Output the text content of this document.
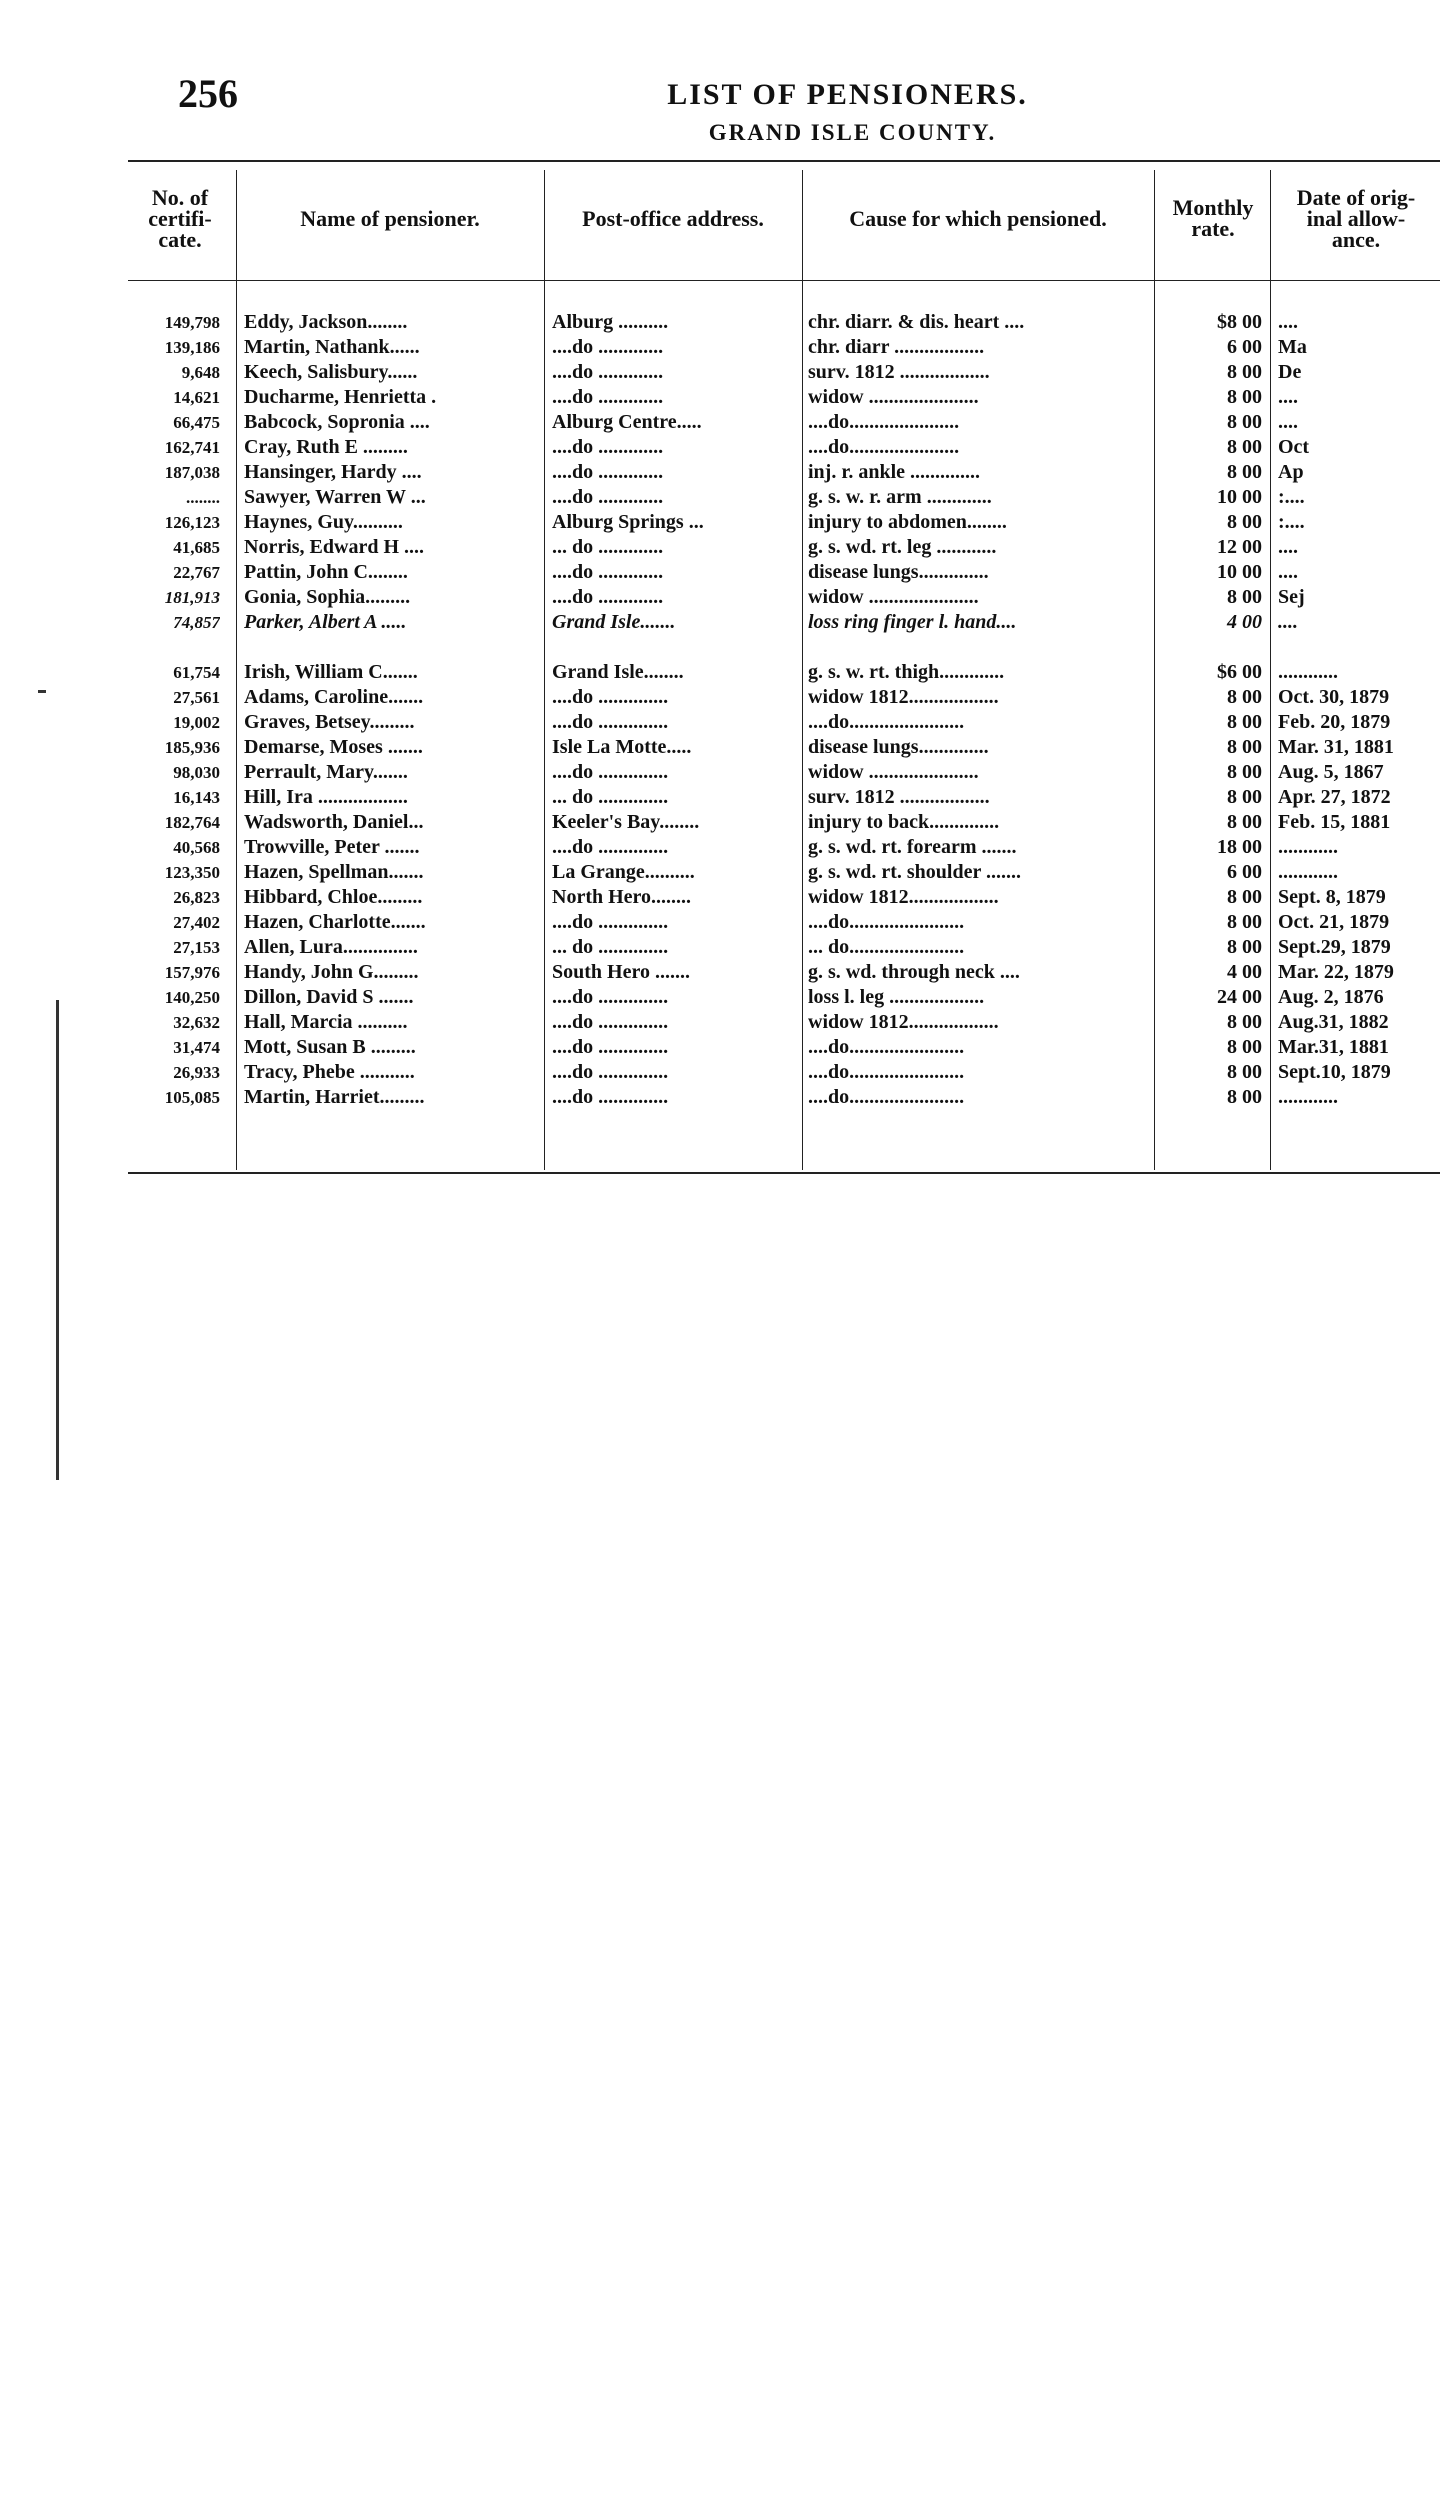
256	LIST OF PENSIONERS.
GRAND ISLE COUNTY.
No. of
certifi-
cate.
Name of pensioner.	Post-office address.	Cause for which pensioned.	Monthly
rate.
Date of orig-
inal allow-
ance.
149,798 Eddy, Jackson........	Alburg ..........	chr. diarr. & dis. heart ....	$8 00 ....
139,186 Martin, Nathank......	....do .............	chr. diarr ..................	6 00 Ma
9,648 Keech, Salisbury......	....do .............	surv. 1812 ..................	8 00 De
14,621 Ducharme, Henrietta .	....do .............	widow ......................	8 00 ....
66,475 Babcock, Sopronia ....	Alburg Centre.....	....do......................	8 00 ....
162,741 Cray, Ruth E .........	....do .............	....do......................	8 00 Oct
187,038 Hansinger, Hardy ....	....do .............	inj. r. ankle ..............	8 00 Ap
........ Sawyer, Warren W ...	....do .............	g. s. w. r. arm .............	10 00 :....
126,123 Haynes, Guy..........	Alburg Springs ...	injury to abdomen........	8 00 :....
41,685 Norris, Edward H ....	... do .............	g. s. wd. rt. leg ............	12 00 ....
22,767 Pattin, John C........	....do .............	disease lungs..............	10 00 ....
181,913 Gonia, Sophia.........	....do .............	widow ......................	8 00 Sej
74,857 Parker, Albert A .....	Grand Isle.......	loss ring finger l. hand....	4 00 ....
61,754 Irish, William C.......	Grand Isle........	g. s. w. rt. thigh.............	$6 00 ............
27,561 Adams, Caroline.......	....do ..............	widow 1812..................	8 00 Oct. 30, 1879
19,002 Graves, Betsey.........	....do ..............	....do.......................	8 00 Feb. 20, 1879
185,936 Demarse, Moses .......	Isle La Motte.....	disease lungs..............	8 00 Mar. 31, 1881
98,030 Perrault, Mary.......	....do ..............	widow ......................	8 00 Aug. 5, 1867
16,143 Hill, Ira ..................	... do ..............	surv. 1812 ..................	8 00 Apr. 27, 1872
182,764 Wadsworth, Daniel...	Keeler's Bay........	injury to back..............	8 00 Feb. 15, 1881
40,568 Trowville, Peter .......	....do ..............	g. s. wd. rt. forearm .......	18 00 ............
123,350 Hazen, Spellman.......	La Grange..........	g. s. wd. rt. shoulder .......	6 00 ............
26,823 Hibbard, Chloe.........	North Hero........	widow 1812..................	8 00 Sept. 8, 1879
27,402 Hazen, Charlotte.......	....do ..............	....do.......................	8 00 Oct. 21, 1879
27,153 Allen, Lura...............	... do ..............	... do.......................	8 00 Sept.29, 1879
157,976 Handy, John G.........	South Hero .......	g. s. wd. through neck ....	4 00 Mar. 22, 1879
140,250 Dillon, David S .......	....do ..............	loss l. leg ...................	24 00 Aug. 2, 1876
32,632 Hall, Marcia ..........	....do ..............	widow 1812..................	8 00 Aug.31, 1882
31,474 Mott, Susan B .........	....do ..............	....do.......................	8 00 Mar.31, 1881
26,933 Tracy, Phebe ...........	....do ..............	....do.......................	8 00 Sept.10, 1879
105,085 Martin, Harriet.........	....do ..............	....do.......................	8 00 ............
